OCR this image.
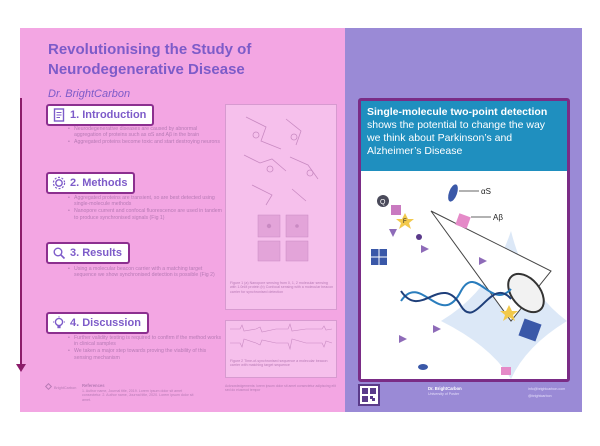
Revolutionising the Study of Neurodegenerative Disease
Dr. BrightCarbon
1. Introduction
• Neurodegenerative diseases are caused by abnormal aggregation of proteins such as αS and Aβ in the brain
• Aggregated proteins become toxic and start destroying neurons
2. Methods
• Aggregated proteins are transient, so are best detected using single-molecule methods
• Nanopore current and confocal fluorescence are used in tandem to produce synchronised signals (Fig 1)
3. Results
• Using a molecular beacon carrier with a matching target sequence we show synchronised detection is possible (Fig 2)
4. Discussion
• Further validity testing is required to confirm if the method works in clinical samples
• We taken a major step towards proving the viability of this sensing mechanism
Figure 1 (a) Nanopore sensing from 0, 1, 2 molecular sensing with 1.0nM protein (b) Confocal sensing with a molecular beacon carrier for synchronised detection
Figure 2 Time-of-synchronised sequence a molecular beacon carrier with matching target sequence
BrightCarbon References
1. Author name, Journal title, 2019. Lorem ipsum dolor sit amet consectetur. 2. Author name, Journal title, 2020. Lorem ipsum dolor sit amet.
Acknowledgements: lorem ipsum dolor sit amet consectetur adipiscing elit sed do eiusmod tempor
Single-molecule two-point detection shows the potential to change the way we think about Parkinson’s and Alzheimer’s Disease
αS
Aβ
Q
F
Dr. BrightCarbon
University of Poster
info@brightcarbon.com
@brightcarbon
